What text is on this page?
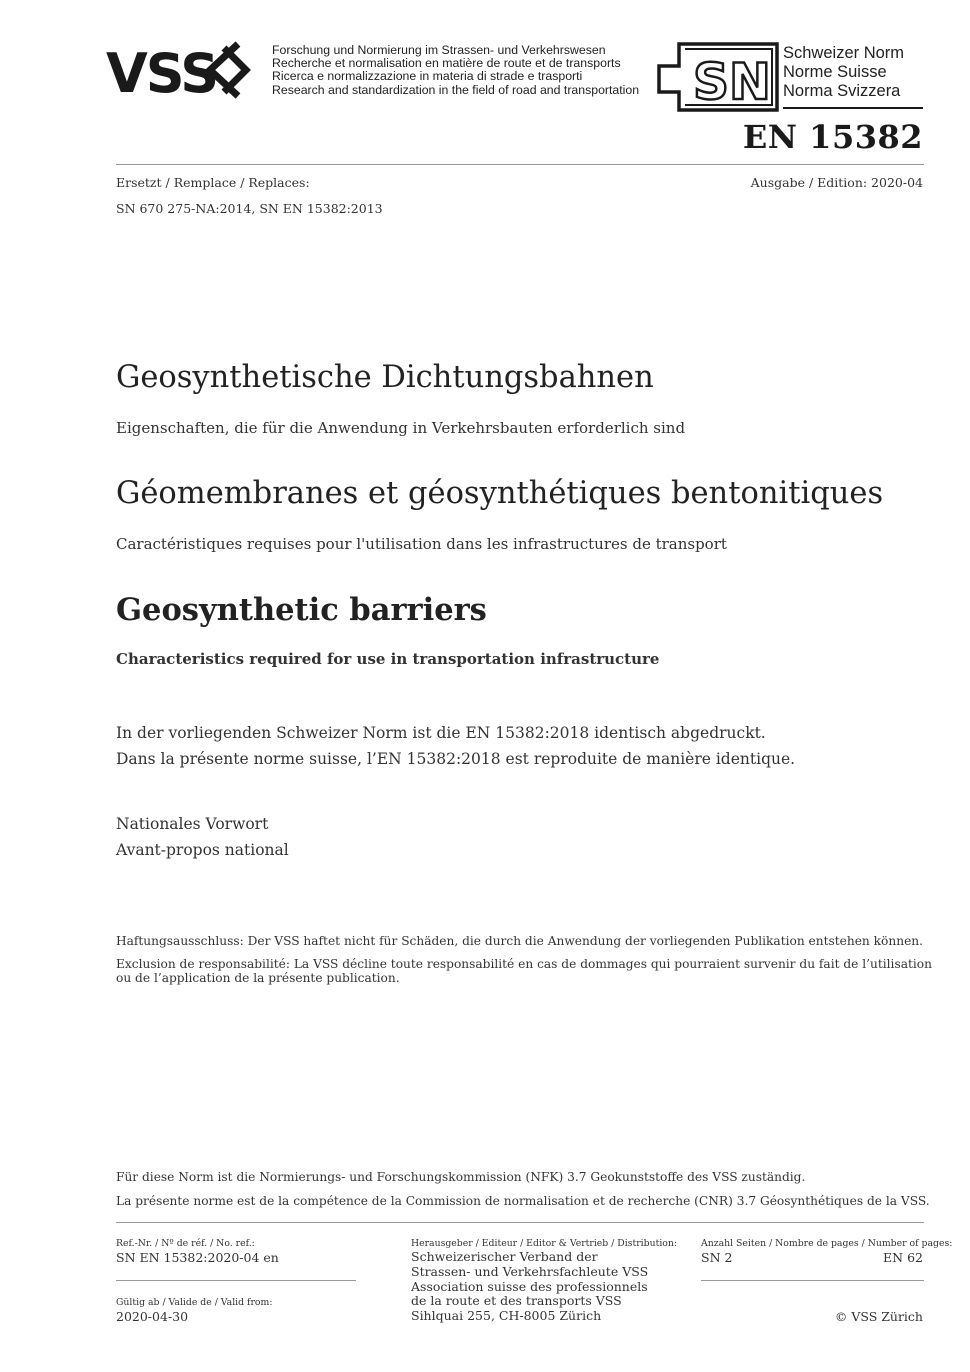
VSS	Forschung und Normierung im Strassen- und Verkehrswesen
Recherche et normalisation en matière de route et de transports
Ricerca e normalizzazione in materia di strade e trasporti
Research and standardization in the field of road and transportation SN Schweizer Norm
Norme Suisse
Norma Svizzera
EN 15382
Ersetzt / Remplace / Replaces:	Ausgabe / Edition: 2020-04
SN 670 275-NA:2014, SN EN 15382:2013
Geosynthetische Dichtungsbahnen
Eigenschaften, die für die Anwendung in Verkehrsbauten erforderlich sind
Géomembranes et géosynthétiques bentonitiques
Caractéristiques requises pour l'utilisation dans les infrastructures de transport
Geosynthetic barriers
Characteristics required for use in transportation infrastructure
In der vorliegenden Schweizer Norm ist die EN 15382:2018 identisch abgedruckt.
Dans la présente norme suisse, l’EN 15382:2018 est reproduite de manière identique.
Nationales Vorwort
Avant-propos national
Haftungsausschluss: Der VSS haftet nicht für Schäden, die durch die Anwendung der vorliegenden Publikation entstehen können.
Exclusion de responsabilité: La VSS décline toute responsabilité en cas de dommages qui pourraient survenir du fait de l’utilisation
ou de l’application de la présente publication.
Für diese Norm ist die Normierungs- und Forschungskommission (NFK) 3.7 Geokunststoffe des VSS zuständig.
La présente norme est de la compétence de la Commission de normalisation et de recherche (CNR) 3.7 Géosynthétiques de la VSS.
Ref.-Nr. / Nº de réf. / No. ref.:
SN EN 15382:2020-04 en
Gültig ab / Valide de / Valid from:
2020-04-30
Herausgeber / Editeur / Editor & Vertrieb / Distribution:
Schweizerischer Verband der
Strassen- und Verkehrsfachleute VSS
Association suisse des professionnels
de la route et des transports VSS
Sihlquai 255, CH-8005 Zürich
Anzahl Seiten / Nombre de pages / Number of pages:
SN 2	EN 62
© VSS Zürich
